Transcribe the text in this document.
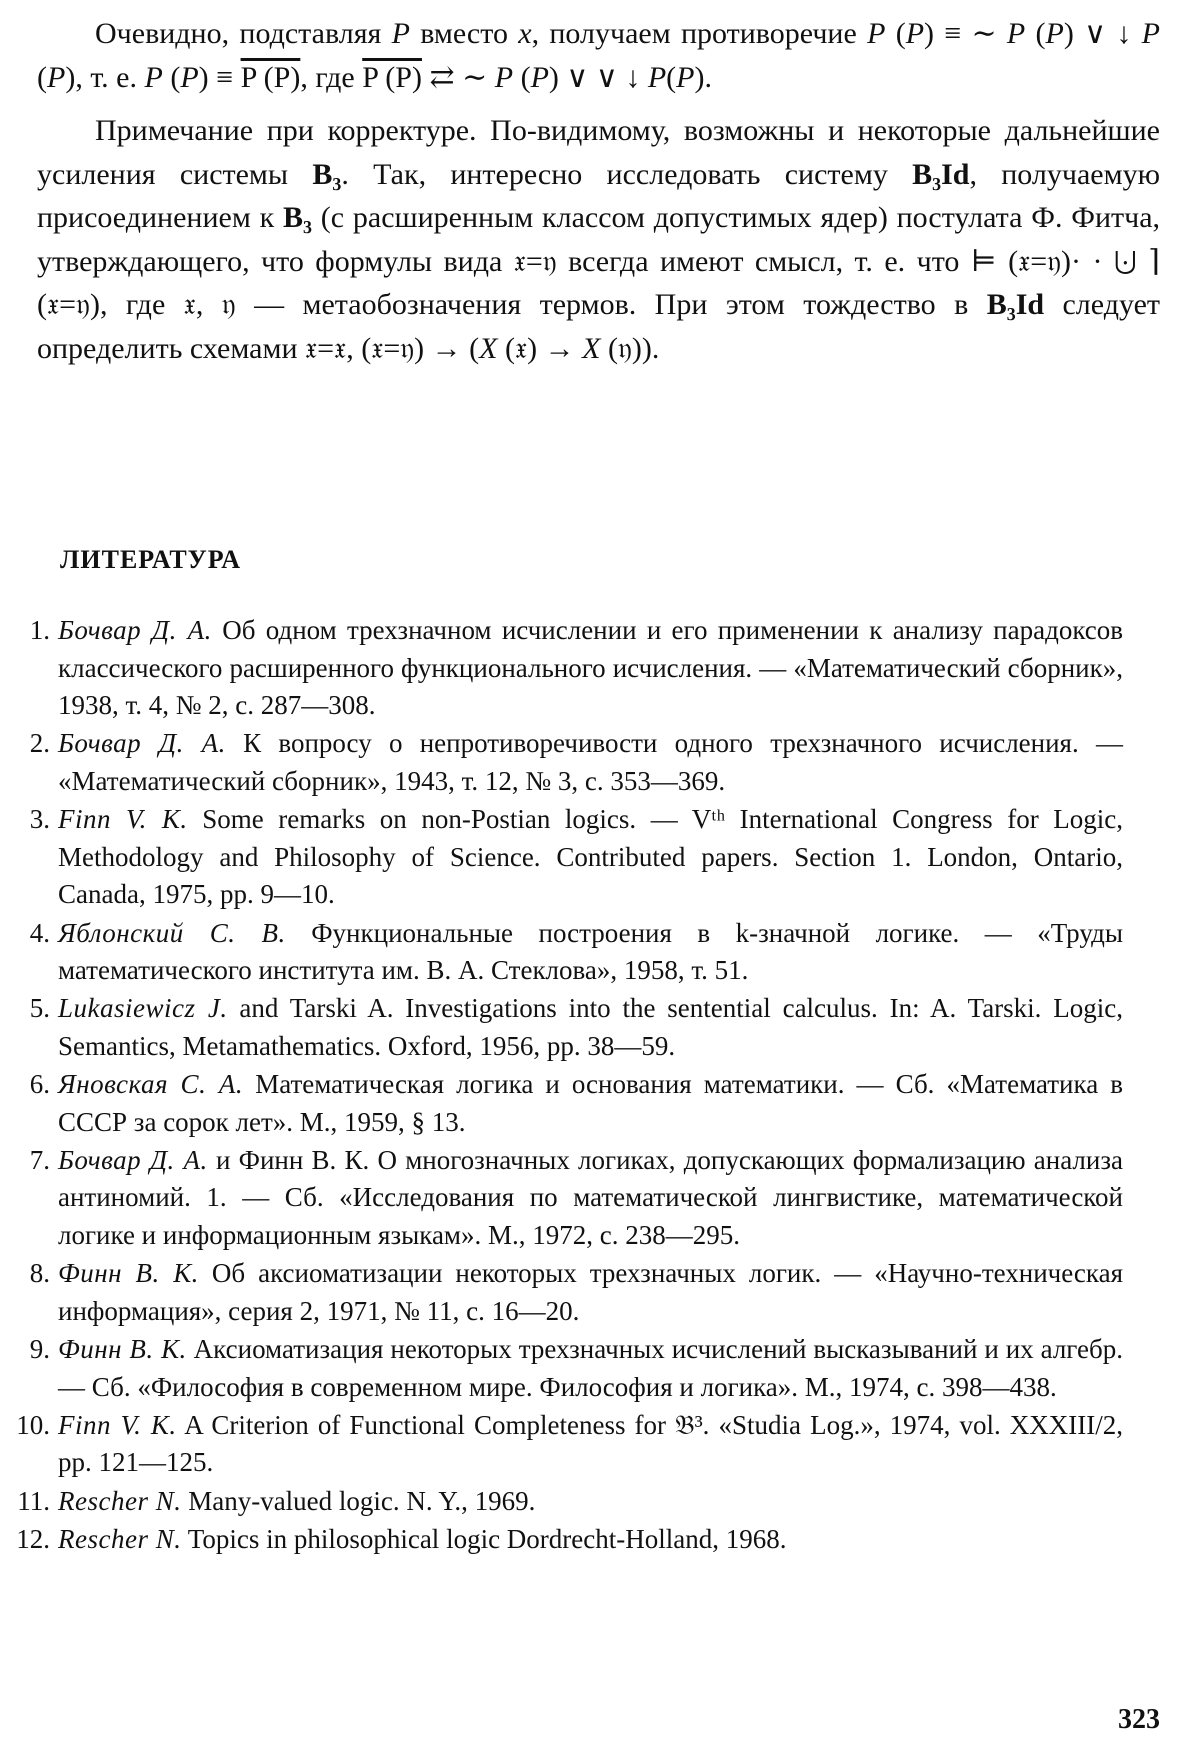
Очевидно, подставляя P вместо x, получаем противоречие P (P) ≡ ∼ P (P) ∨ ↓ P (P), т. е. P (P) ≡ P (P), где P (P) ⇄ ∼ P (P) ∨ ∨ ↓ P(P).

Примечание при корректуре. По-видимому, возможны и некоторые дальнейшие усиления системы B₃. Так, интересно исследовать систему B₃Id, получаемую присоединением к B₃ (с расширенным классом допустимых ядер) постулата Ф. Фитча, утверждающего, что формулы вида 𝔵=𝔶 всегда имеют смысл, т. е. что ⊨ (𝔵=𝔶)· · ⨃ ⌉(𝔵=𝔶), где 𝔵, 𝔶 — метаобозначения термов. При этом тождество в B₃Id следует определить схемами 𝔵=𝔵, (𝔵=𝔶) → (X (𝔵) → X (𝔶)).

ЛИТЕРАТУРА
1. Бочвар Д. А. Об одном трехзначном исчислении и его применении к анализу парадоксов классического расширенного функционального исчисления. — «Математический сборник», 1938, т. 4, № 2, с. 287—308.
2. Бочвар Д. А. К вопросу о непротиворечивости одного трехзначного исчисления. — «Математический сборник», 1943, т. 12, № 3, с. 353—369.
3. Finn V. K. Some remarks on non-Postian logics. — Vᵗʰ International Congress for Logic, Methodology and Philosophy of Science. Contributed papers. Section 1. London, Ontario, Canada, 1975, pp. 9—10.
4. Яблонский С. В. Функциональные построения в k-значной логике. — «Труды математического института им. В. А. Стеклова», 1958, т. 51.
5. Lukasiewicz J. and Tarski A. Investigations into the sentential calculus. In: A. Tarski. Logic, Semantics, Metamathematics. Oxford, 1956, pp. 38—59.
6. Яновская С. А. Математическая логика и основания математики. — Сб. «Математика в СССР за сорок лет». М., 1959, § 13.
7. Бочвар Д. А. и Финн В. К. О многозначных логиках, допускающих формализацию анализа антиномий. 1. — Сб. «Исследования по математической лингвистике, математической логике и информационным языкам». М., 1972, с. 238—295.
8. Финн В. К. Об аксиоматизации некоторых трехзначных логик. — «Научно-техническая информация», серия 2, 1971, № 11, с. 16—20.
9. Финн В. К. Аксиоматизация некоторых трехзначных исчислений высказываний и их алгебр. — Сб. «Философия в современном мире. Философия и логика». М., 1974, с. 398—438.
10. Finn V. K. A Criterion of Functional Completeness for 𝔅³. «Studia Log.», 1974, vol. XXXIII/2, pp. 121—125.
11. Rescher N. Many-valued logic. N. Y., 1969.
12. Rescher N. Topics in philosophical logic Dordrecht-Holland, 1968.
323
